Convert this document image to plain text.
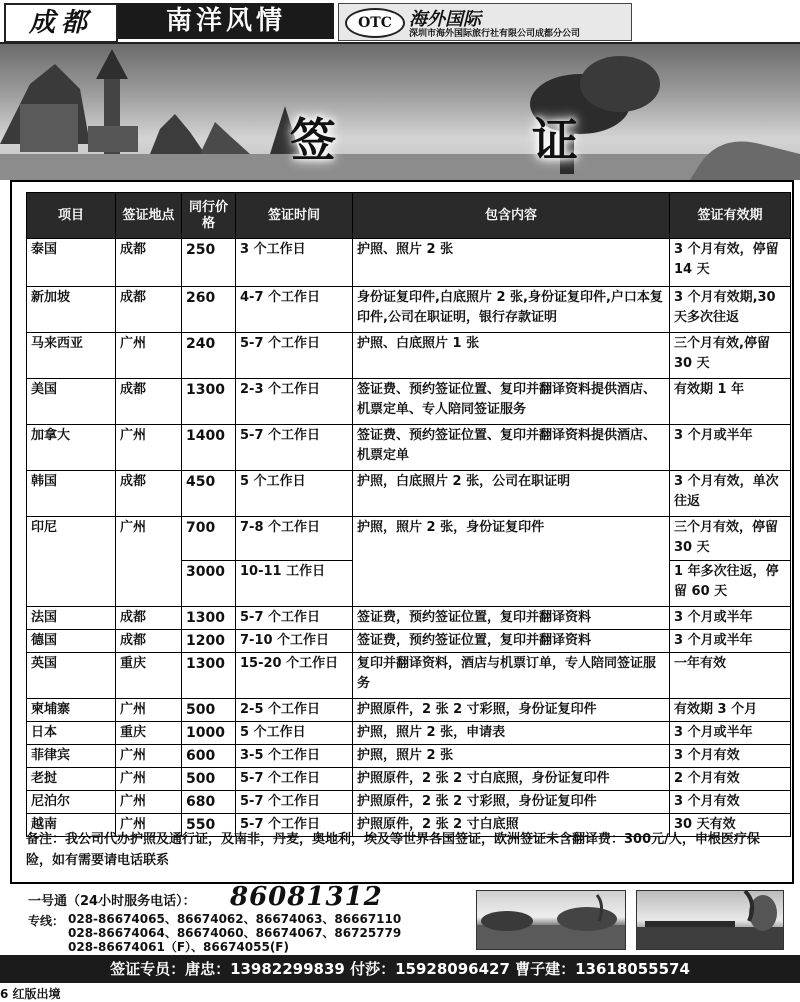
成都	南洋风情	OTC 海外国际
深圳市海外国际旅行社有限公司成都分公司
签 证
项目	签证地点	同行价格	签证时间	包含内容	签证有效期
泰国	成都	250	3 个工作日	护照、照片 2 张	3 个月有效，停留 14 天
新加坡	成都	260	4-7 个工作日	身份证复印件,白底照片 2 张,身份证复印件,户口本复印件,公司在职证明，银行存款证明	3 个月有效期,30 天多次往返
马来西亚	广州	240	5-7 个工作日	护照、白底照片 1 张	三个月有效,停留 30 天
美国	成都	1300	2-3 个工作日	签证费、预约签证位置、复印并翻译资料提供酒店、机票定单、专人陪同签证服务	有效期 1 年
加拿大	广州	1400	5-7 个工作日	签证费、预约签证位置、复印并翻译资料提供酒店、机票定单	3 个月或半年
韩国	成都	450	5 个工作日	护照，白底照片 2 张，公司在职证明	3 个月有效，单次往返
印尼	广州	700	7-8 个工作日	护照，照片 2 张，身份证复印件	三个月有效，停留 30 天
		3000	10-11 工作日		1 年多次往返，停留 60 天
法国	成都	1300	5-7 个工作日	签证费，预约签证位置，复印并翻译资料	3 个月或半年
德国	成都	1200	7-10 个工作日	签证费，预约签证位置，复印并翻译资料	3 个月或半年
英国	重庆	1300	15-20 个工作日	复印并翻译资料，酒店与机票订单，专人陪同签证服务	一年有效
柬埔寨	广州	500	2-5 个工作日	护照原件，2 张 2 寸彩照，身份证复印件	有效期 3 个月
日本	重庆	1000	5 个工作日	护照，照片 2 张，申请表	3 个月或半年
菲律宾	广州	600	3-5 个工作日	护照，照片 2 张	3 个月有效
老挝	广州	500	5-7 个工作日	护照原件，2 张 2 寸白底照，身份证复印件	2 个月有效
尼泊尔	广州	680	5-7 个工作日	护照原件，2 张 2 寸彩照，身份证复印件	3 个月有效
越南	广州	550	5-7 个工作日	护照原件，2 张 2 寸白底照	30 天有效
备注：我公司代办护照及通行证，及南非，丹麦，奥地利，埃及等世界各国签证，欧洲签证未含翻译费：300元/人，申根医疗保险，如有需要请电话联系
一号通（24小时服务电话）： 86081312
专线： 028-86674065、86674062、86674063、86667110
028-86674064、86674060、86674067、86725779
028-86674061（F）、86674055(F)
签证专员：唐忠：13982299839 付莎：15928096427 曹子建：13618055574
6 红版出境
